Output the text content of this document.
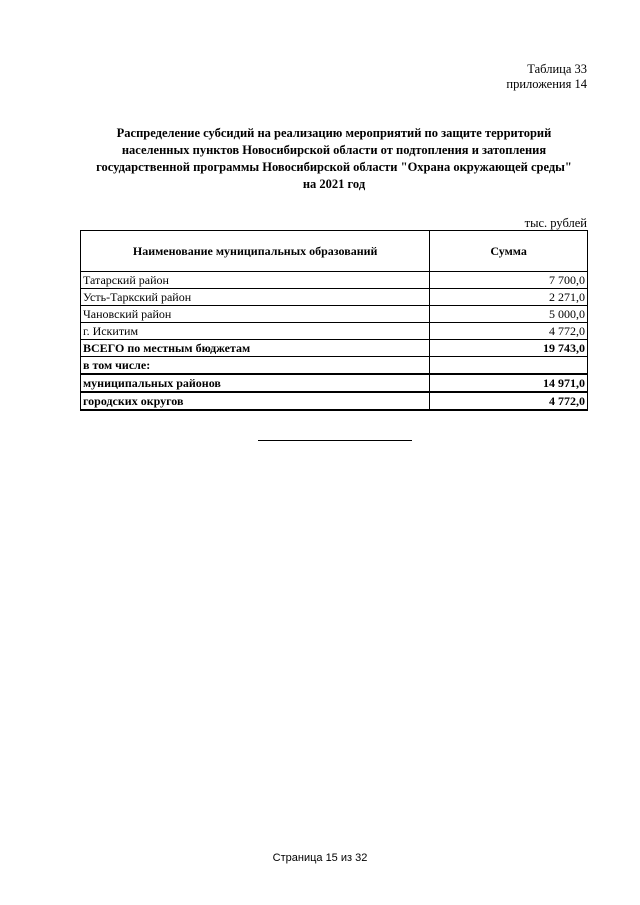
Таблица 33
приложения 14
Распределение субсидий на реализацию мероприятий по защите территорий
населенных пунктов Новосибирской области от подтопления и затопления
государственной программы Новосибирской области "Охрана окружающей среды"
на 2021 год
тыс. рублей
Наименование муниципальных образований	Сумма
Татарский район	7 700,0
Усть-Таркский район	2 271,0
Чановский район	5 000,0
г. Искитим	4 772,0
ВСЕГО по местным бюджетам	19 743,0
в том числе:	
муниципальных районов	14 971,0
городских округов	4 772,0
Страница 15 из 32
